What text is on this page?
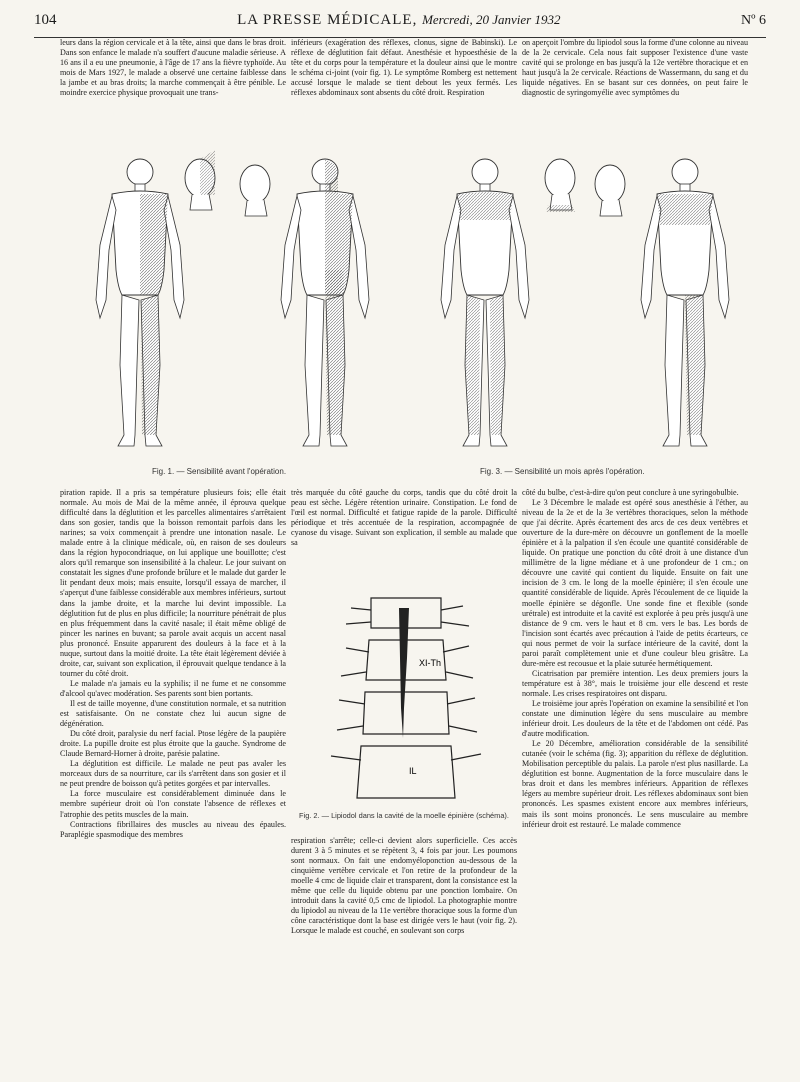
104	LA PRESSE MÉDICALE, Mercredi, 20 Janvier 1932	Nº 6

leurs dans la région cervicale et à la tête, ainsi que dans le bras droit. Dans son enfance le malade n'a souffert d'aucune maladie sérieuse. A 16 ans il a eu une pneumonie, à l'âge de 17 ans la fièvre typhoïde. Au mois de Mars 1927, le malade a observé une certaine faiblesse dans la jambe et au bras droits; la marche commençait à être pénible. Le moindre exercice physique provoquait une trans-

inférieurs (exagération des réflexes, clonus, signe de Babinski). Le réflexe de déglutition fait défaut. Anesthésie et hypoesthésie de la tête et du corps pour la température et la douleur ainsi que le montre le schéma ci-joint (voir fig. 1). Le symptôme Romberg est nettement accusé lorsque le malade se tient debout les yeux fermés. Les réflexes abdominaux sont absents du côté droit. Respiration

on aperçoit l'ombre du lipiodol sous la forme d'une colonne au niveau de la 2e cervicale. Cela nous fait supposer l'existence d'une vaste cavité qui se prolonge en bas jusqu'à la 12e vertèbre thoracique et en haut jusqu'à la 2e cervicale. Réactions de Wassermann, du sang et du liquide négatives. En se basant sur ces données, on peut faire le diagnostic de syringomyélie avec symptômes du

Fig. 1. — Sensibilité avant l'opération.	Fig. 3. — Sensibilité un mois après l'opération.

piration rapide. Il a pris sa température plusieurs fois; elle était normale. Au mois de Mai de la même année, il éprouva quelque difficulté dans la déglutition et les parcelles alimentaires s'arrêtaient dans son gosier, tandis que la boisson remontait parfois dans les narines; sa voix commençait à prendre une intonation nasale. Le malade entre à la clinique médicale, où, en raison de ses douleurs dans la région hypocondriaque, on lui applique une bouillotte; c'est alors qu'il remarque son insensibilité à la chaleur. Le jour suivant on constatait les signes d'une profonde brûlure et le malade dut garder le lit pendant deux mois; mais ensuite, lorsqu'il essaya de marcher, il s'aperçut d'une faiblesse considérable aux membres inférieurs, surtout dans la jambe droite, et la marche lui devint impossible. La déglutition fut de plus en plus difficile; la nourriture pénétrait de plus en plus fréquemment dans la cavité nasale; il était même obligé de pincer les narines en buvant; sa parole avait acquis un accent nasal plus prononcé. Ensuite apparurent des douleurs à la face et à la nuque, surtout dans la moitié droite. La tête était légèrement déviée à droite, car, suivant son explication, il éprouvait quelque tendance à la tourner du côté droit.

Le malade n'a jamais eu la syphilis; il ne fume et ne consomme d'alcool qu'avec modération. Ses parents sont bien portants.

Il est de taille moyenne, d'une constitution normale, et sa nutrition est satisfaisante. On ne constate chez lui aucun signe de dégénération.

Du côté droit, paralysie du nerf facial. Ptose légère de la paupière droite. La pupille droite est plus étroite que la gauche. Syndrome de Claude Bernard-Horner à droite, parésie palatine.

La déglutition est difficile. Le malade ne peut pas avaler les morceaux durs de sa nourriture, car ils s'arrêtent dans son gosier et il ne peut prendre de boisson qu'à petites gorgées et par intervalles.

La force musculaire est considérablement diminuée dans le membre supérieur droit où l'on constate l'absence de réflexes et l'atrophie des petits muscles de la main.

Contractions fibrillaires des muscles au niveau des épaules. Paraplégie spasmodique des membres

très marquée du côté gauche du corps, tandis que du côté droit la peau est sèche. Légère rétention urinaire. Constipation. Le fond de l'œil est normal. Difficulté et fatigue rapide de la parole. Difficulté périodique et très accentuée de la respiration, accompagnée de cyanose du visage. Suivant son explication, il semble au malade que sa

XI-Th
IL
Fig. 2. — Lipiodol dans la cavité de la moelle épinière (schéma).

respiration s'arrête; celle-ci devient alors superficielle. Ces accès durent 3 à 5 minutes et se répètent 3, 4 fois par jour. Les poumons sont normaux. On fait une endomyéloponction au-dessous de la cinquième vertèbre cervicale et l'on retire de la profondeur de la moelle 4 cmc de liquide clair et transparent, dont la consistance est la même que celle du liquide obtenu par une ponction lombaire. On introduit dans la cavité 0,5 cmc de lipiodol. La photographie montre du lipiodol au niveau de la 11e vertèbre thoracique sous la forme d'un cône caractéristique dont la base est dirigée vers le haut (voir fig. 2). Lorsque le malade est couché, en soulevant son corps

côté du bulbe, c'est-à-dire qu'on peut conclure à une syringobulbie.

Le 3 Décembre le malade est opéré sous anesthésie à l'éther, au niveau de la 2e et de la 3e vertèbres thoraciques, selon la méthode que j'ai décrite. Après écartement des arcs de ces deux vertèbres et ouverture de la dure-mère on découvre un gonflement de la moelle épinière et à la palpation il s'en écoule une quantité considérable de liquide. On pratique une ponction du côté droit à une distance d'un millimètre de la ligne médiane et à une profondeur de 1 cm.; on découvre une cavité qui contient du liquide. Ensuite on fait une incision de 3 cm. le long de la moelle épinière; il s'en écoule une quantité considérable de liquide. Après l'écoulement de ce liquide la moelle épinière se dégonfle. Une sonde fine et flexible (sonde urétrale) est introduite et la cavité est explorée à peu près jusqu'à une distance de 9 cm. vers le haut et 8 cm. vers le bas. Les bords de l'incision sont écartés avec précaution à l'aide de petits écarteurs, ce qui nous permet de voir la surface intérieure de la cavité, dont la paroi paraît complètement unie et d'une couleur bleu grisâtre. La dure-mère est recousue et la plaie suturée hermétiquement.

Cicatrisation par première intention. Les deux premiers jours la température est à 38°, mais le troisième jour elle descend et reste normale. Les crises respiratoires ont disparu.

Le troisième jour après l'opération on examine la sensibilité et l'on constate une diminution légère du sens musculaire au membre inférieur droit. Les douleurs de la tête et de l'abdomen ont cédé. Pas d'autre modification.

Le 20 Décembre, amélioration considérable de la sensibilité cutanée (voir le schéma (fig. 3); apparition du réflexe de déglutition. Mobilisation perceptible du palais. La parole n'est plus nasillarde. La déglutition est bonne. Augmentation de la force musculaire dans le bras droit et dans les membres inférieurs. Apparition de réflexes légers au membre supérieur droit. Les réflexes abdominaux sont bien prononcés. Les spasmes existent encore aux membres inférieurs, mais ils sont moins prononcés. Le sens musculaire au membre inférieur droit est restauré. Le malade commence
